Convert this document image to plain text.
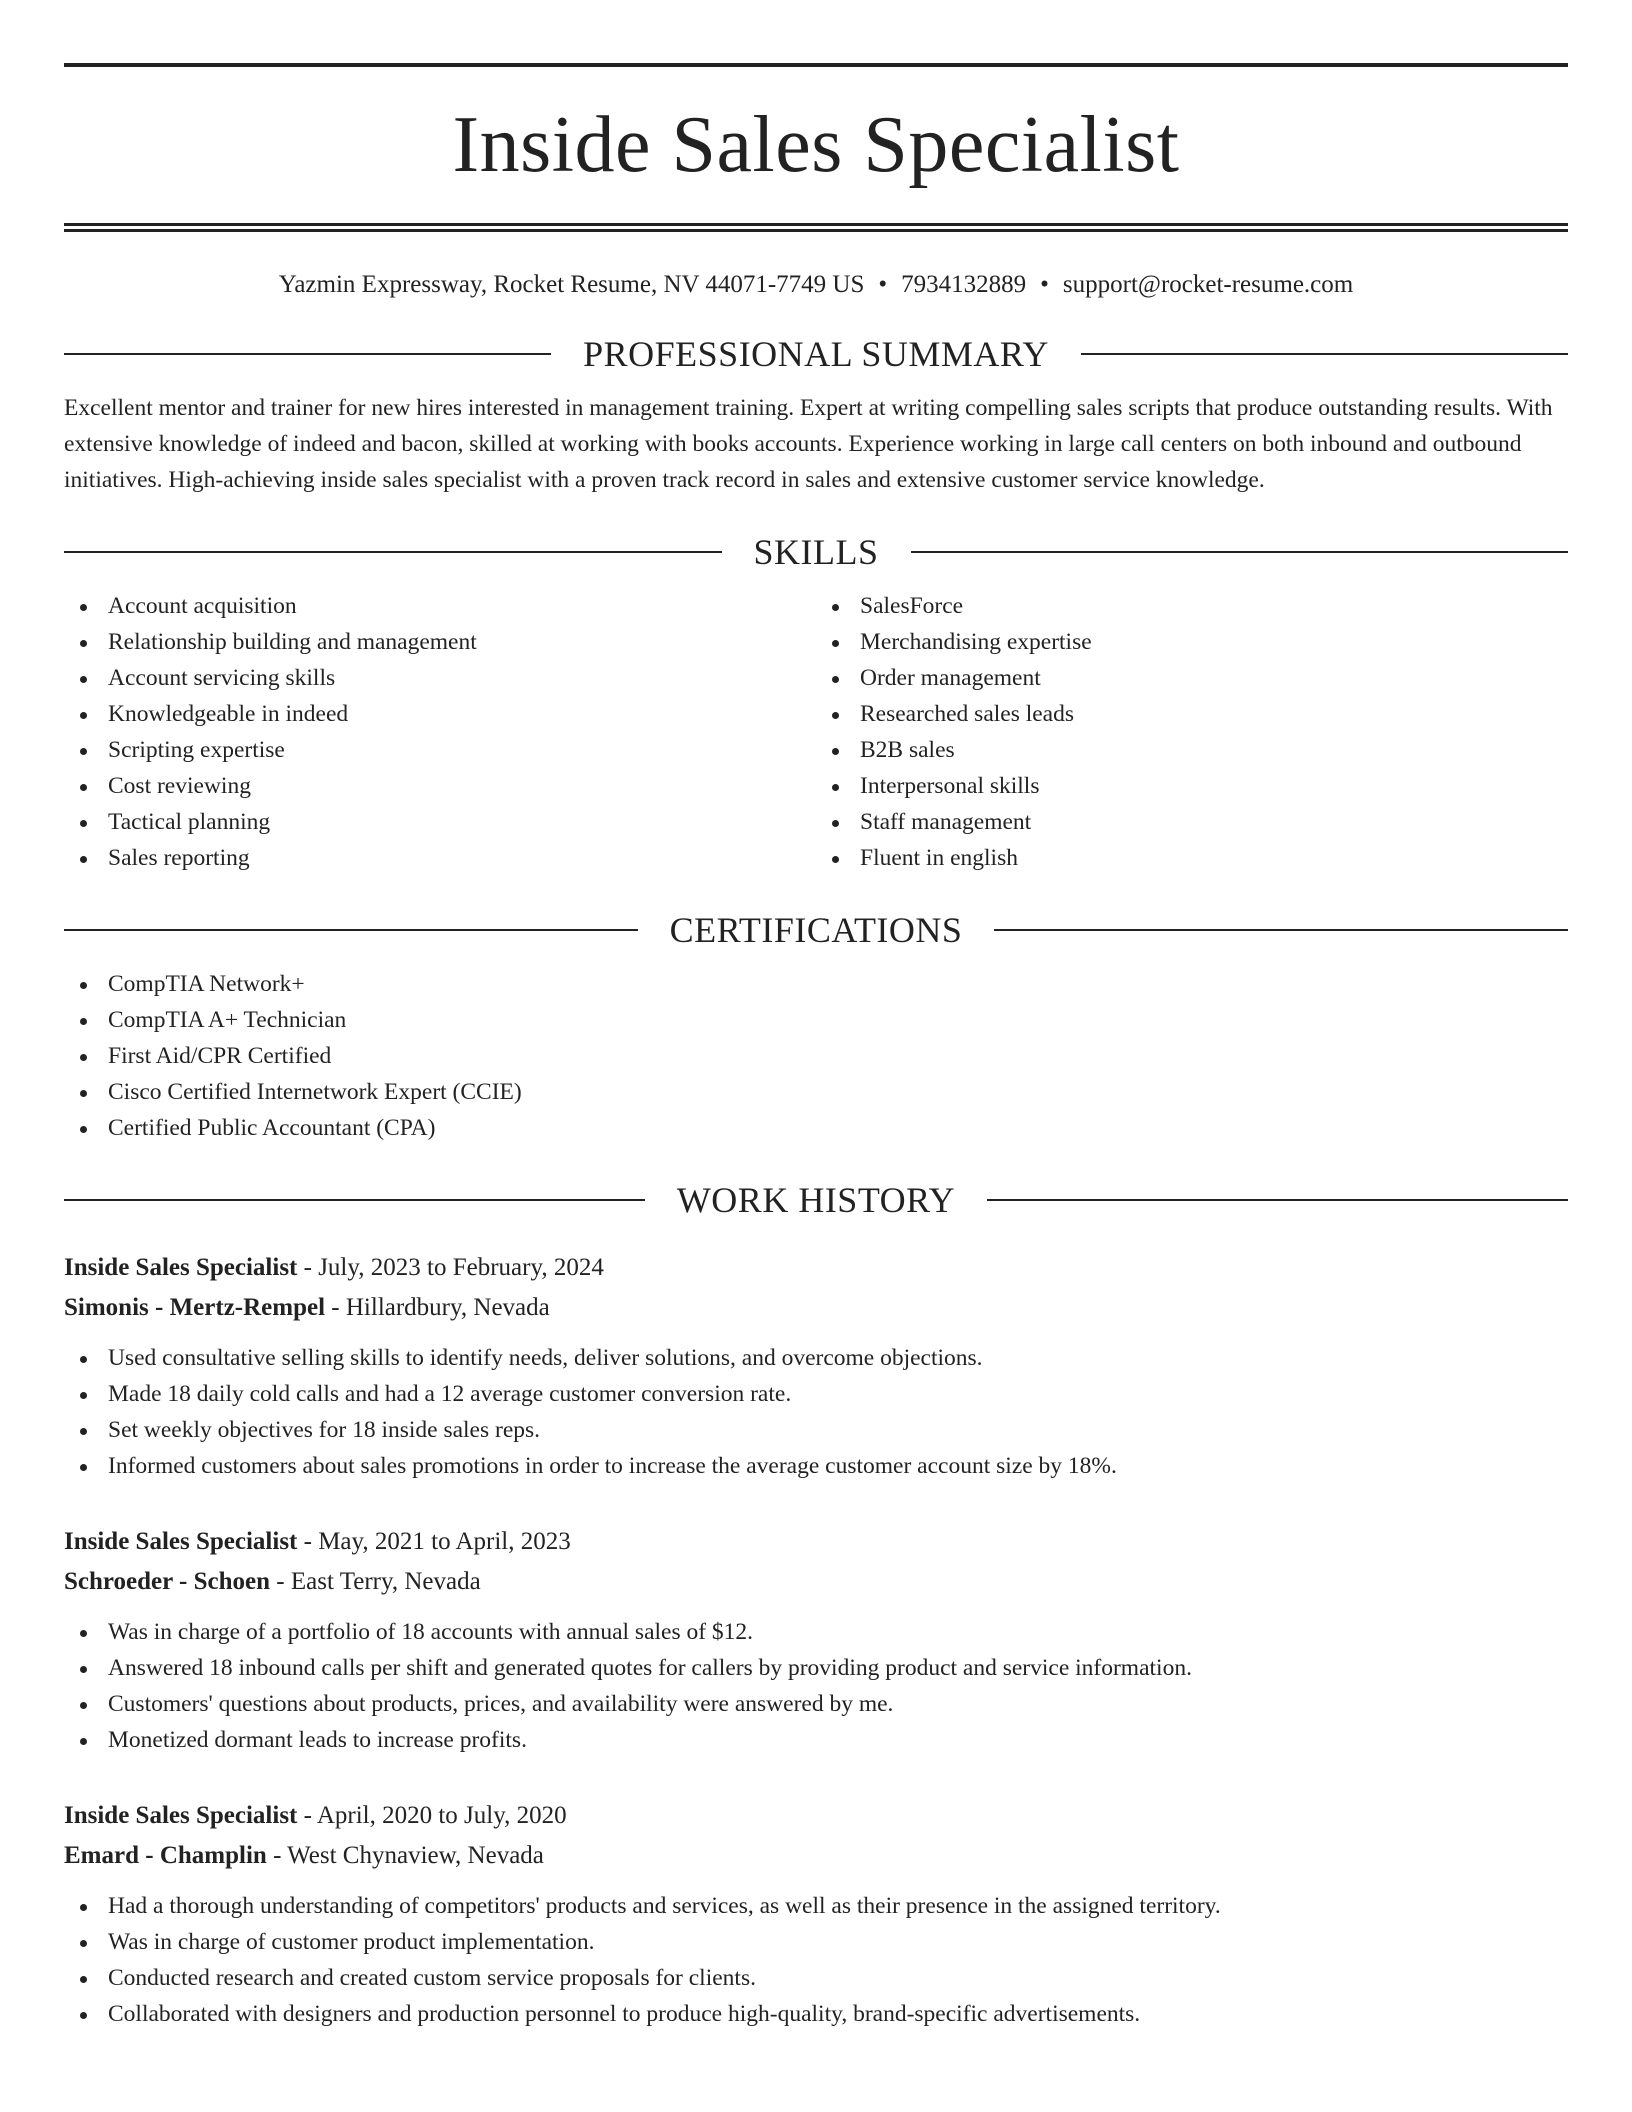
Inside Sales Specialist
Yazmin Expressway, Rocket Resume, NV 44071-7749 US • 7934132889 • support@rocket-resume.com
PROFESSIONAL SUMMARY
Excellent mentor and trainer for new hires interested in management training. Expert at writing compelling sales scripts that produce outstanding results. With extensive knowledge of indeed and bacon, skilled at working with books accounts. Experience working in large call centers on both inbound and outbound initiatives. High-achieving inside sales specialist with a proven track record in sales and extensive customer service knowledge.
SKILLS
Account acquisition
Relationship building and management
Account servicing skills
Knowledgeable in indeed
Scripting expertise
Cost reviewing
Tactical planning
Sales reporting
SalesForce
Merchandising expertise
Order management
Researched sales leads
B2B sales
Interpersonal skills
Staff management
Fluent in english
CERTIFICATIONS
CompTIA Network+
CompTIA A+ Technician
First Aid/CPR Certified
Cisco Certified Internetwork Expert (CCIE)
Certified Public Accountant (CPA)
WORK HISTORY
Inside Sales Specialist - July, 2023 to February, 2024
Simonis - Mertz-Rempel - Hillardbury, Nevada
Used consultative selling skills to identify needs, deliver solutions, and overcome objections.
Made 18 daily cold calls and had a 12 average customer conversion rate.
Set weekly objectives for 18 inside sales reps.
Informed customers about sales promotions in order to increase the average customer account size by 18%.
Inside Sales Specialist - May, 2021 to April, 2023
Schroeder - Schoen - East Terry, Nevada
Was in charge of a portfolio of 18 accounts with annual sales of $12.
Answered 18 inbound calls per shift and generated quotes for callers by providing product and service information.
Customers' questions about products, prices, and availability were answered by me.
Monetized dormant leads to increase profits.
Inside Sales Specialist - April, 2020 to July, 2020
Emard - Champlin - West Chynaview, Nevada
Had a thorough understanding of competitors' products and services, as well as their presence in the assigned territory.
Was in charge of customer product implementation.
Conducted research and created custom service proposals for clients.
Collaborated with designers and production personnel to produce high-quality, brand-specific advertisements.
